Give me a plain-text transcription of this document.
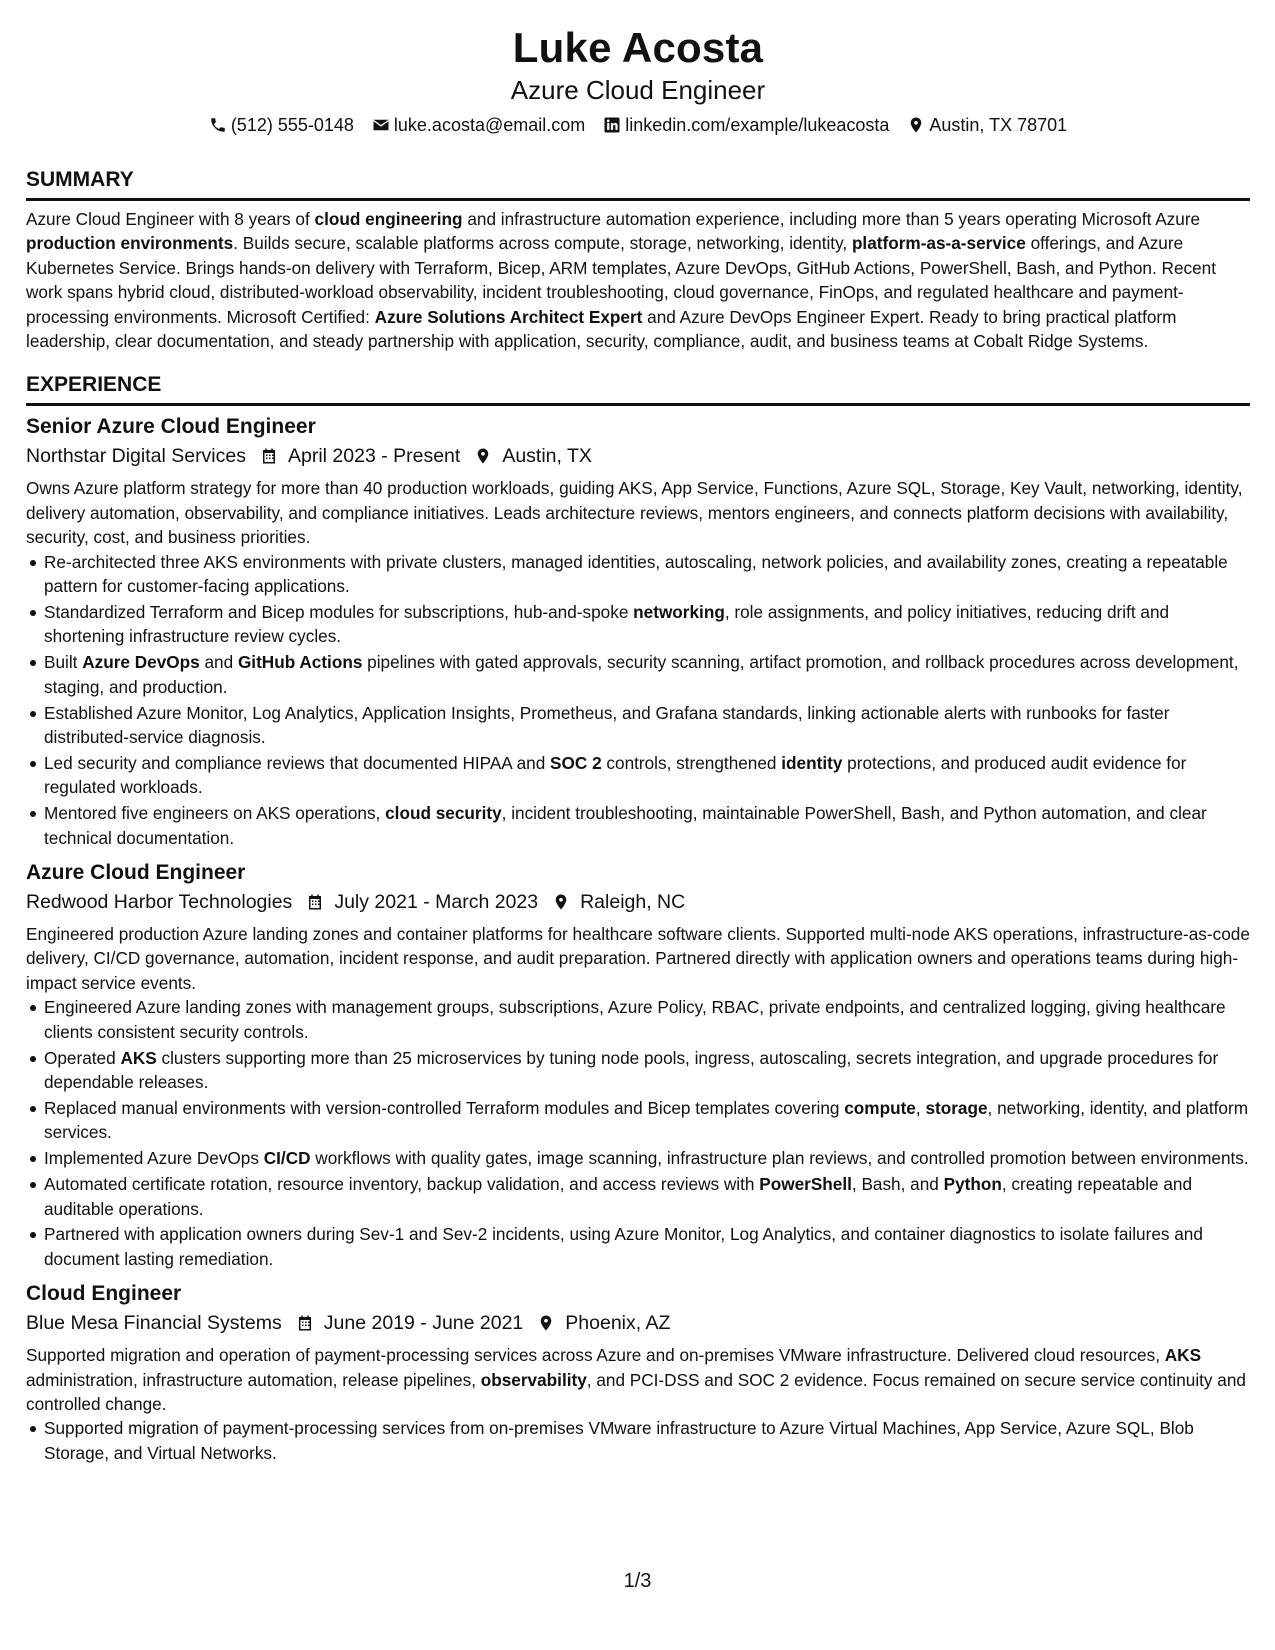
Luke Acosta
Azure Cloud Engineer
(512) 555-0148 luke.acosta@email.com linkedin.com/example/lukeacosta Austin, TX 78701
SUMMARY

Azure Cloud Engineer with 8 years of cloud engineering and infrastructure automation experience, including more than 5 years operating Microsoft Azure production environments. Builds secure, scalable platforms across compute, storage, networking, identity, platform-as-a-service offerings, and Azure Kubernetes Service. Brings hands-on delivery with Terraform, Bicep, ARM templates, Azure DevOps, GitHub Actions, PowerShell, Bash, and Python. Recent work spans hybrid cloud, distributed-workload observability, incident troubleshooting, cloud governance, FinOps, and regulated healthcare and payment-processing environments. Microsoft Certified: Azure Solutions Architect Expert and Azure DevOps Engineer Expert. Ready to bring practical platform leadership, clear documentation, and steady partnership with application, security, compliance, audit, and business teams at Cobalt Ridge Systems.

EXPERIENCE
Senior Azure Cloud Engineer
Northstar Digital Services April 2023 - Present Austin, TX

Owns Azure platform strategy for more than 40 production workloads, guiding AKS, App Service, Functions, Azure SQL, Storage, Key Vault, networking, identity, delivery automation, observability, and compliance initiatives. Leads architecture reviews, mentors engineers, and connects platform decisions with availability, security, cost, and business priorities.

Re-architected three AKS environments with private clusters, managed identities, autoscaling, network policies, and availability zones, creating a repeatable pattern for customer-facing applications.
Standardized Terraform and Bicep modules for subscriptions, hub-and-spoke networking, role assignments, and policy initiatives, reducing drift and shortening infrastructure review cycles.
Built Azure DevOps and GitHub Actions pipelines with gated approvals, security scanning, artifact promotion, and rollback procedures across development, staging, and production.
Established Azure Monitor, Log Analytics, Application Insights, Prometheus, and Grafana standards, linking actionable alerts with runbooks for faster distributed-service diagnosis.
Led security and compliance reviews that documented HIPAA and SOC 2 controls, strengthened identity protections, and produced audit evidence for regulated workloads.
Mentored five engineers on AKS operations, cloud security, incident troubleshooting, maintainable PowerShell, Bash, and Python automation, and clear technical documentation.
Azure Cloud Engineer
Redwood Harbor Technologies July 2021 - March 2023 Raleigh, NC

Engineered production Azure landing zones and container platforms for healthcare software clients. Supported multi-node AKS operations, infrastructure-as-code delivery, CI/CD governance, automation, incident response, and audit preparation. Partnered directly with application owners and operations teams during high-impact service events.

Engineered Azure landing zones with management groups, subscriptions, Azure Policy, RBAC, private endpoints, and centralized logging, giving healthcare clients consistent security controls.
Operated AKS clusters supporting more than 25 microservices by tuning node pools, ingress, autoscaling, secrets integration, and upgrade procedures for dependable releases.
Replaced manual environments with version-controlled Terraform modules and Bicep templates covering compute, storage, networking, identity, and platform services.
Implemented Azure DevOps CI/CD workflows with quality gates, image scanning, infrastructure plan reviews, and controlled promotion between environments.
Automated certificate rotation, resource inventory, backup validation, and access reviews with PowerShell, Bash, and Python, creating repeatable and auditable operations.
Partnered with application owners during Sev-1 and Sev-2 incidents, using Azure Monitor, Log Analytics, and container diagnostics to isolate failures and document lasting remediation.
Cloud Engineer
Blue Mesa Financial Systems June 2019 - June 2021 Phoenix, AZ

Supported migration and operation of payment-processing services across Azure and on-premises VMware infrastructure. Delivered cloud resources, AKS administration, infrastructure automation, release pipelines, observability, and PCI-DSS and SOC 2 evidence. Focus remained on secure service continuity and controlled change.

Supported migration of payment-processing services from on-premises VMware infrastructure to Azure Virtual Machines, App Service, Azure SQL, Blob Storage, and Virtual Networks.
1/3
